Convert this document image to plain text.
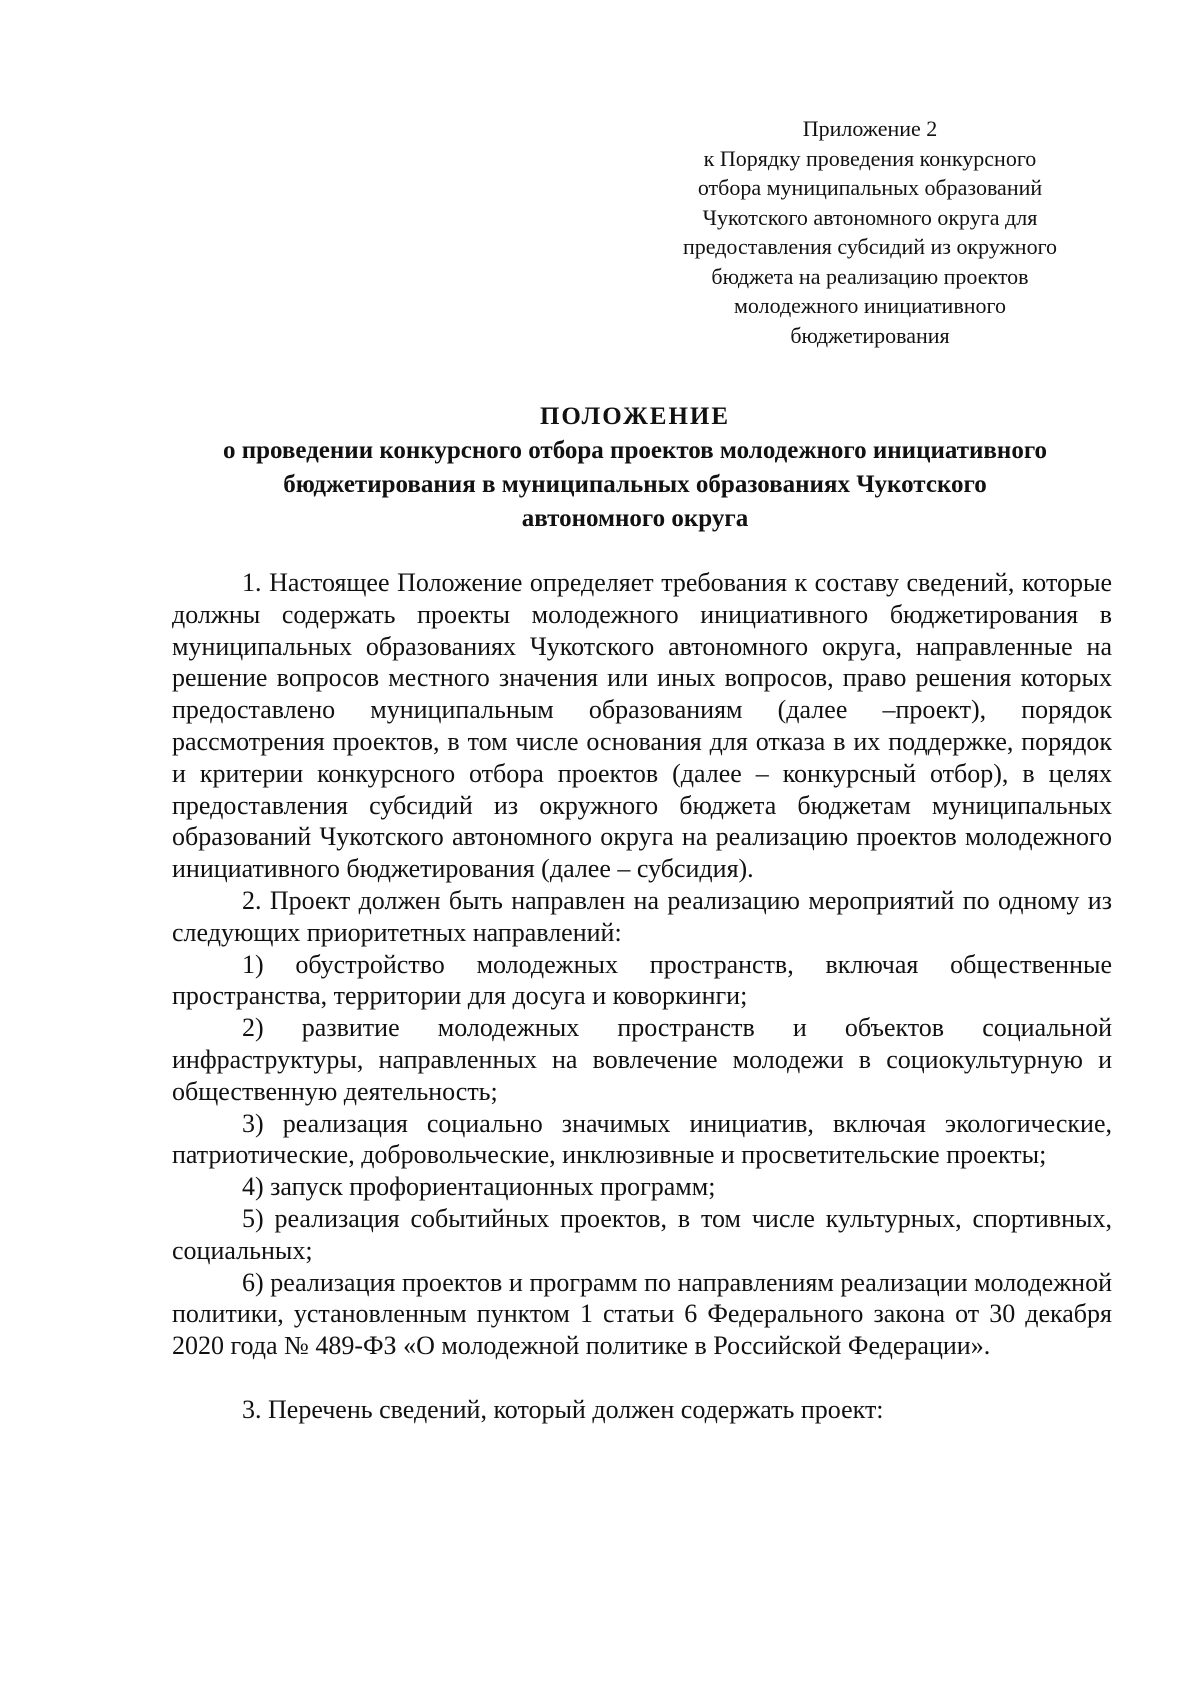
Приложение 2
к Порядку проведения конкурсного
отбора муниципальных образований
Чукотского автономного округа для
предоставления субсидий из окружного
бюджета на реализацию проектов
молодежного инициативного
бюджетирования
ПОЛОЖЕНИЕ
о проведении конкурсного отбора проектов молодежного инициативного
бюджетирования в муниципальных образованиях Чукотского
автономного округа

1. Настоящее Положение определяет требования к составу сведений, которые должны содержать проекты молодежного инициативного бюджетирования в муниципальных образованиях Чукотского автономного округа, направленные на решение вопросов местного значения или иных вопросов, право решения которых предоставлено муниципальным образованиям (далее –проект), порядок рассмотрения проектов, в том числе основания для отказа в их поддержке, порядок и критерии конкурсного отбора проектов (далее – конкурсный отбор), в целях предоставления субсидий из окружного бюджета бюджетам муниципальных образований Чукотского автономного округа на реализацию проектов молодежного инициативного бюджетирования (далее – субсидия).

2. Проект должен быть направлен на реализацию мероприятий по одному из следующих приоритетных направлений:

1) обустройство молодежных пространств, включая общественные пространства, территории для досуга и коворкинги;

2) развитие молодежных пространств и объектов социальной инфраструктуры, направленных на вовлечение молодежи в социокультурную и общественную деятельность;

3) реализация социально значимых инициатив, включая экологические, патриотические, добровольческие, инклюзивные и просветительские проекты;

4) запуск профориентационных программ;

5) реализация событийных проектов, в том числе культурных, спортивных, социальных;

6) реализация проектов и программ по направлениям реализации молодежной политики, установленным пунктом 1 статьи 6 Федерального закона от 30 декабря 2020 года № 489-ФЗ «О молодежной политике в Российской Федерации».

3. Перечень сведений, который должен содержать проект:
